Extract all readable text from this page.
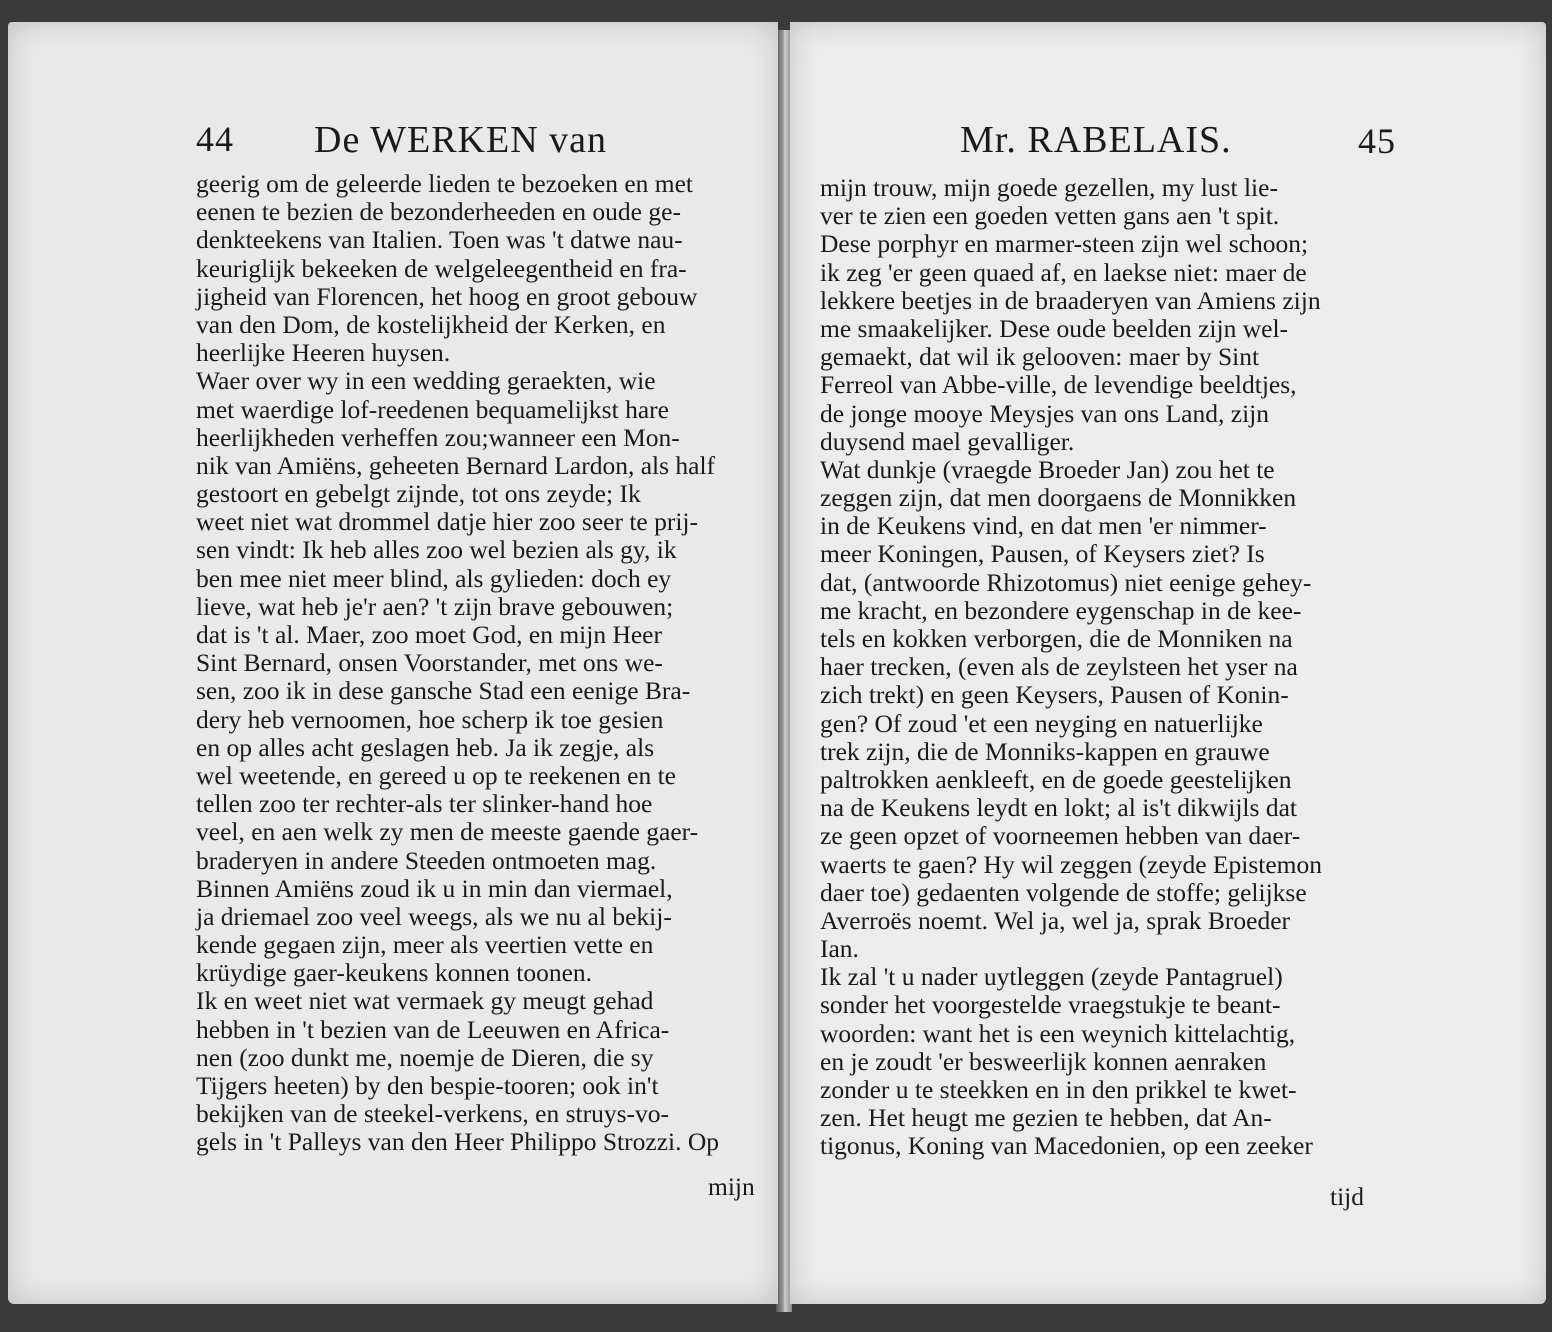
44 De WERKEN van
geerig om de geleerde lieden te bezoeken en met
eenen te bezien de bezonderheeden en oude ge-
denkteekens van Italien. Toen was 't datwe nau-
keuriglijk bekeeken de welgeleegentheid en fra-
jigheid van Florencen, het hoog en groot gebouw
van den Dom, de kostelijkheid der Kerken, en
heerlijke Heeren huysen.
Waer over wy in een wedding geraekten, wie
met waerdige lof-reedenen bequamelijkst hare
heerlijkheden verheffen zou;wanneer een Mon-
nik van Amiëns, geheeten Bernard Lardon, als half
gestoort en gebelgt zijnde, tot ons zeyde; Ik
weet niet wat drommel datje hier zoo seer te prij-
sen vindt: Ik heb alles zoo wel bezien als gy, ik
ben mee niet meer blind, als gylieden: doch ey
lieve, wat heb je'r aen? 't zijn brave gebouwen;
dat is 't al. Maer, zoo moet God, en mijn Heer
Sint Bernard, onsen Voorstander, met ons we-
sen, zoo ik in dese gansche Stad een eenige Bra-
dery heb vernoomen, hoe scherp ik toe gesien
en op alles acht geslagen heb. Ja ik zegje, als
wel weetende, en gereed u op te reekenen en te
tellen zoo ter rechter-als ter slinker-hand hoe
veel, en aen welk zy men de meeste gaende gaer-
braderyen in andere Steeden ontmoeten mag.
Binnen Amiëns zoud ik u in min dan viermael,
ja driemael zoo veel weegs, als we nu al bekij-
kende gegaen zijn, meer als veertien vette en
krüydige gaer-keukens konnen toonen.
Ik en weet niet wat vermaek gy meugt gehad
hebben in 't bezien van de Leeuwen en Africa-
nen (zoo dunkt me, noemje de Dieren, die sy
Tijgers heeten) by den bespie-tooren; ook in't
bekijken van de steekel-verkens, en struys-vo-
gels in 't Palleys van den Heer Philippo Strozzi. Op
mijn
Mr. RABELAIS.	45
mijn trouw, mijn goede gezellen, my lust lie-
ver te zien een goeden vetten gans aen 't spit.
Dese porphyr en marmer-steen zijn wel schoon;
ik zeg 'er geen quaed af, en laekse niet: maer de
lekkere beetjes in de braaderyen van Amiens zijn
me smaakelijker. Dese oude beelden zijn wel-
gemaekt, dat wil ik gelooven: maer by Sint
Ferreol van Abbe-ville, de levendige beeldtjes,
de jonge mooye Meysjes van ons Land, zijn
duysend mael gevalliger.
Wat dunkje (vraegde Broeder Jan) zou het te
zeggen zijn, dat men doorgaens de Monnikken
in de Keukens vind, en dat men 'er nimmer-
meer Koningen, Pausen, of Keysers ziet? Is
dat, (antwoorde Rhizotomus) niet eenige gehey-
me kracht, en bezondere eygenschap in de kee-
tels en kokken verborgen, die de Monniken na
haer trecken, (even als de zeylsteen het yser na
zich trekt) en geen Keysers, Pausen of Konin-
gen? Of zoud 'et een neyging en natuerlijke
trek zijn, die de Monniks-kappen en grauwe
paltrokken aenkleeft, en de goede geestelijken
na de Keukens leydt en lokt; al is't dikwijls dat
ze geen opzet of voorneemen hebben van daer-
waerts te gaen? Hy wil zeggen (zeyde Epistemon
daer toe) gedaenten volgende de stoffe; gelijkse
Averroës noemt. Wel ja, wel ja, sprak Broeder
Ian.
Ik zal 't u nader uytleggen (zeyde Pantagruel)
sonder het voorgestelde vraegstukje te beant-
woorden: want het is een weynich kittelachtig,
en je zoudt 'er besweerlijk konnen aenraken
zonder u te steekken en in den prikkel te kwet-
zen. Het heugt me gezien te hebben, dat An-
tigonus, Koning van Macedonien, op een zeeker
tijd
